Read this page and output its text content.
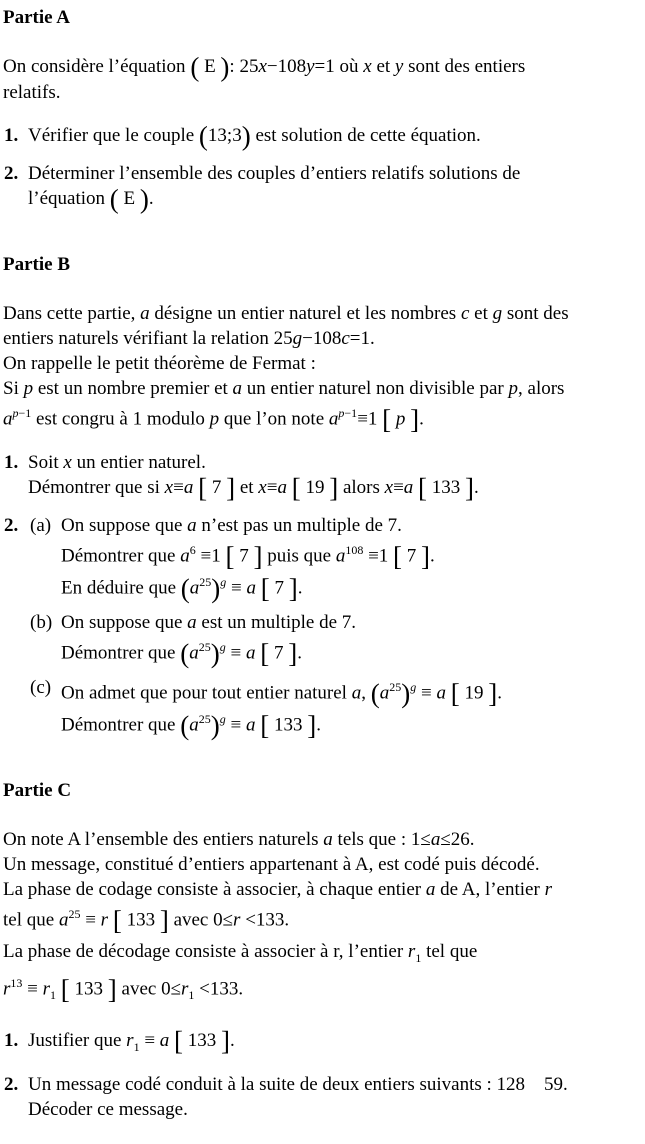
Partie A
On considère l’équation ( E ): 25x−108y=1 où x et y sont des entiers
relatifs.
1. Vérifier que le couple (13;3) est solution de cette équation.
2. Déterminer l’ensemble des couples d’entiers relatifs solutions de
l’équation ( E ).
Partie B
Dans cette partie, a désigne un entier naturel et les nombres c et g sont des
entiers naturels vérifiant la relation 25g−108c=1.
On rappelle le petit théorème de Fermat :
Si p est un nombre premier et a un entier naturel non divisible par p, alors
$a^{p-1}$ est congru à 1 modulo p que l’on note $a^{p-1}\equiv 1$ [ p ].
1. Soit x un entier naturel.
Démontrer que si x≡a [ 7 ] et x≡a [ 19 ] alors x≡a [ 133 ].
2. (a) On suppose que a n’est pas un multiple de 7.
Démontrer que $a^6 \equiv 1$ [ 7 ] puis que $a^{108} \equiv 1$ [ 7 ].
En déduire que $(a^{25})^g \equiv a$ [ 7 ].
(b) On suppose que a est un multiple de 7.
Démontrer que $(a^{25})^g \equiv a$ [ 7 ].
(c) On admet que pour tout entier naturel a, $(a^{25})^g \equiv a$ [ 19 ].
Démontrer que $(a^{25})^g \equiv a$ [ 133 ].
Partie C
On note A l’ensemble des entiers naturels a tels que : 1≤a≤26.
Un message, constitué d’entiers appartenant à A, est codé puis décodé.
La phase de codage consiste à associer, à chaque entier a de A, l’entier r
tel que $a^{25} \equiv r$ [ 133 ] avec 0≤r <133.
La phase de décodage consiste à associer à r, l’entier $r_1$ tel que
$r^{13} \equiv r_1$ [ 133 ] avec $0\le r_1 <133$.
1. Justifier que $r_1 \equiv a$ [ 133 ].
2. Un message codé conduit à la suite de deux entiers suivants : 128    59.
Décoder ce message.
